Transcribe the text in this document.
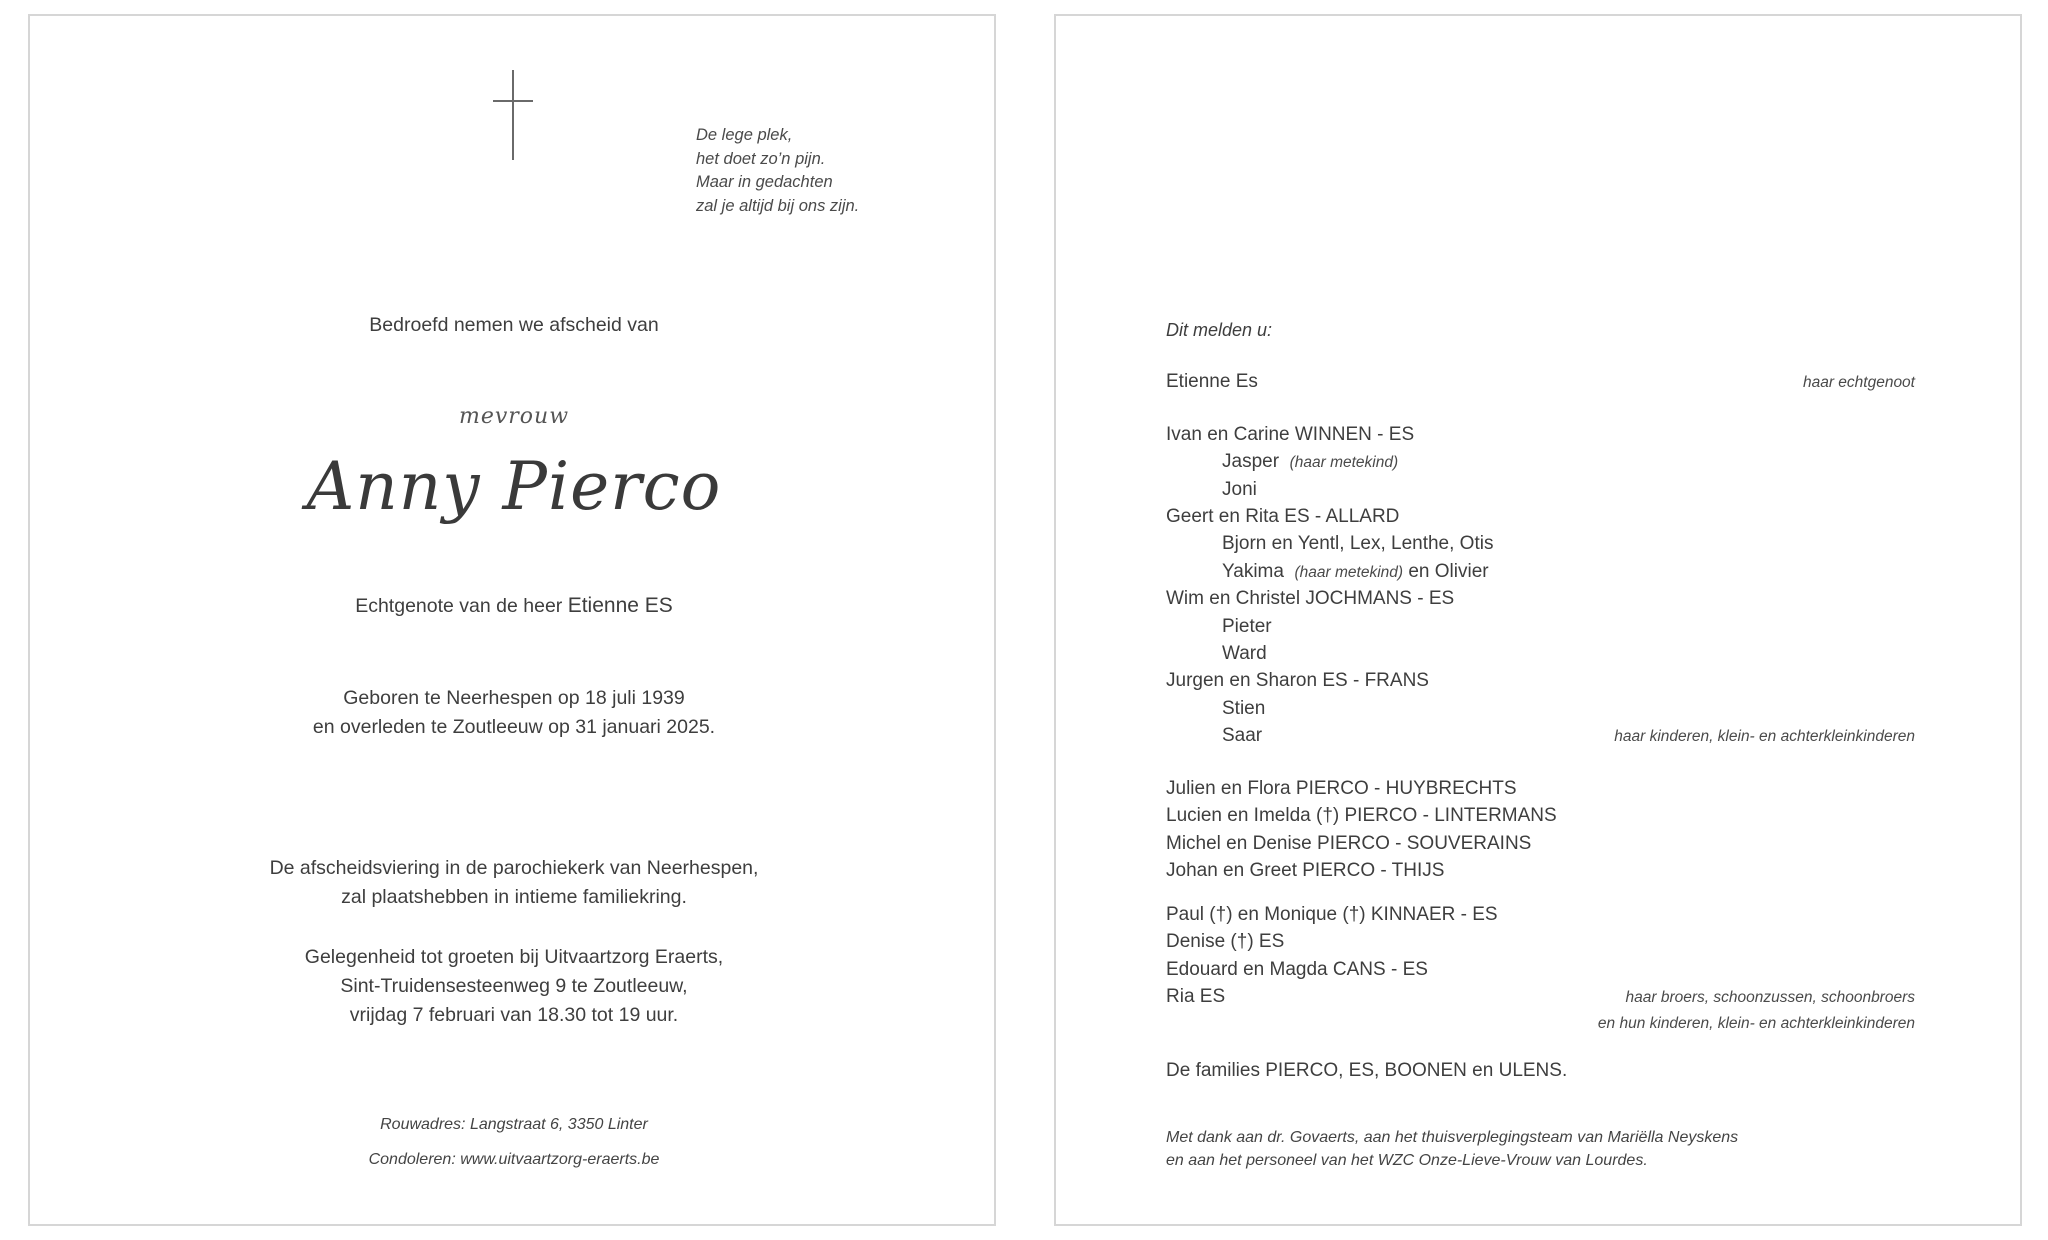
De lege plek,
het doet zo’n pijn.
Maar in gedachten
zal je altijd bij ons zijn.
Bedroefd nemen we afscheid van
mevrouw
Anny Pierco
Echtgenote van de heer Etienne ES
Geboren te Neerhespen op 18 juli 1939
en overleden te Zoutleeuw op 31 januari 2025.
De afscheidsviering in de parochiekerk van Neerhespen,
zal plaatshebben in intieme familiekring.
Gelegenheid tot groeten bij Uitvaartzorg Eraerts,
Sint-Truidensesteenweg 9 te Zoutleeuw,
vrijdag 7 februari van 18.30 tot 19 uur.
Rouwadres: Langstraat 6, 3350 Linter
Condoleren: www.uitvaartzorg-eraerts.be
Dit melden u:
Etienne Es	haar echtgenoot
Ivan en Carine WINNEN - ES
Jasper (haar metekind)
Joni
Geert en Rita ES - ALLARD
Bjorn en Yentl, Lex, Lenthe, Otis
Yakima (haar metekind) en Olivier
Wim en Christel JOCHMANS - ES
Pieter
Ward
Jurgen en Sharon ES - FRANS
Stien
Saar	haar kinderen, klein- en achterkleinkinderen
Julien en Flora PIERCO - HUYBRECHTS
Lucien en Imelda (†) PIERCO - LINTERMANS
Michel en Denise PIERCO - SOUVERAINS
Johan en Greet PIERCO - THIJS
Paul (†) en Monique (†) KINNAER - ES
Denise (†) ES
Edouard en Magda CANS - ES
Ria ES	haar broers, schoonzussen, schoonbroers
en hun kinderen, klein- en achterkleinkinderen
De families PIERCO, ES, BOONEN en ULENS.
Met dank aan dr. Govaerts, aan het thuisverplegingsteam van Mariëlla Neyskens
en aan het personeel van het WZC Onze-Lieve-Vrouw van Lourdes.
